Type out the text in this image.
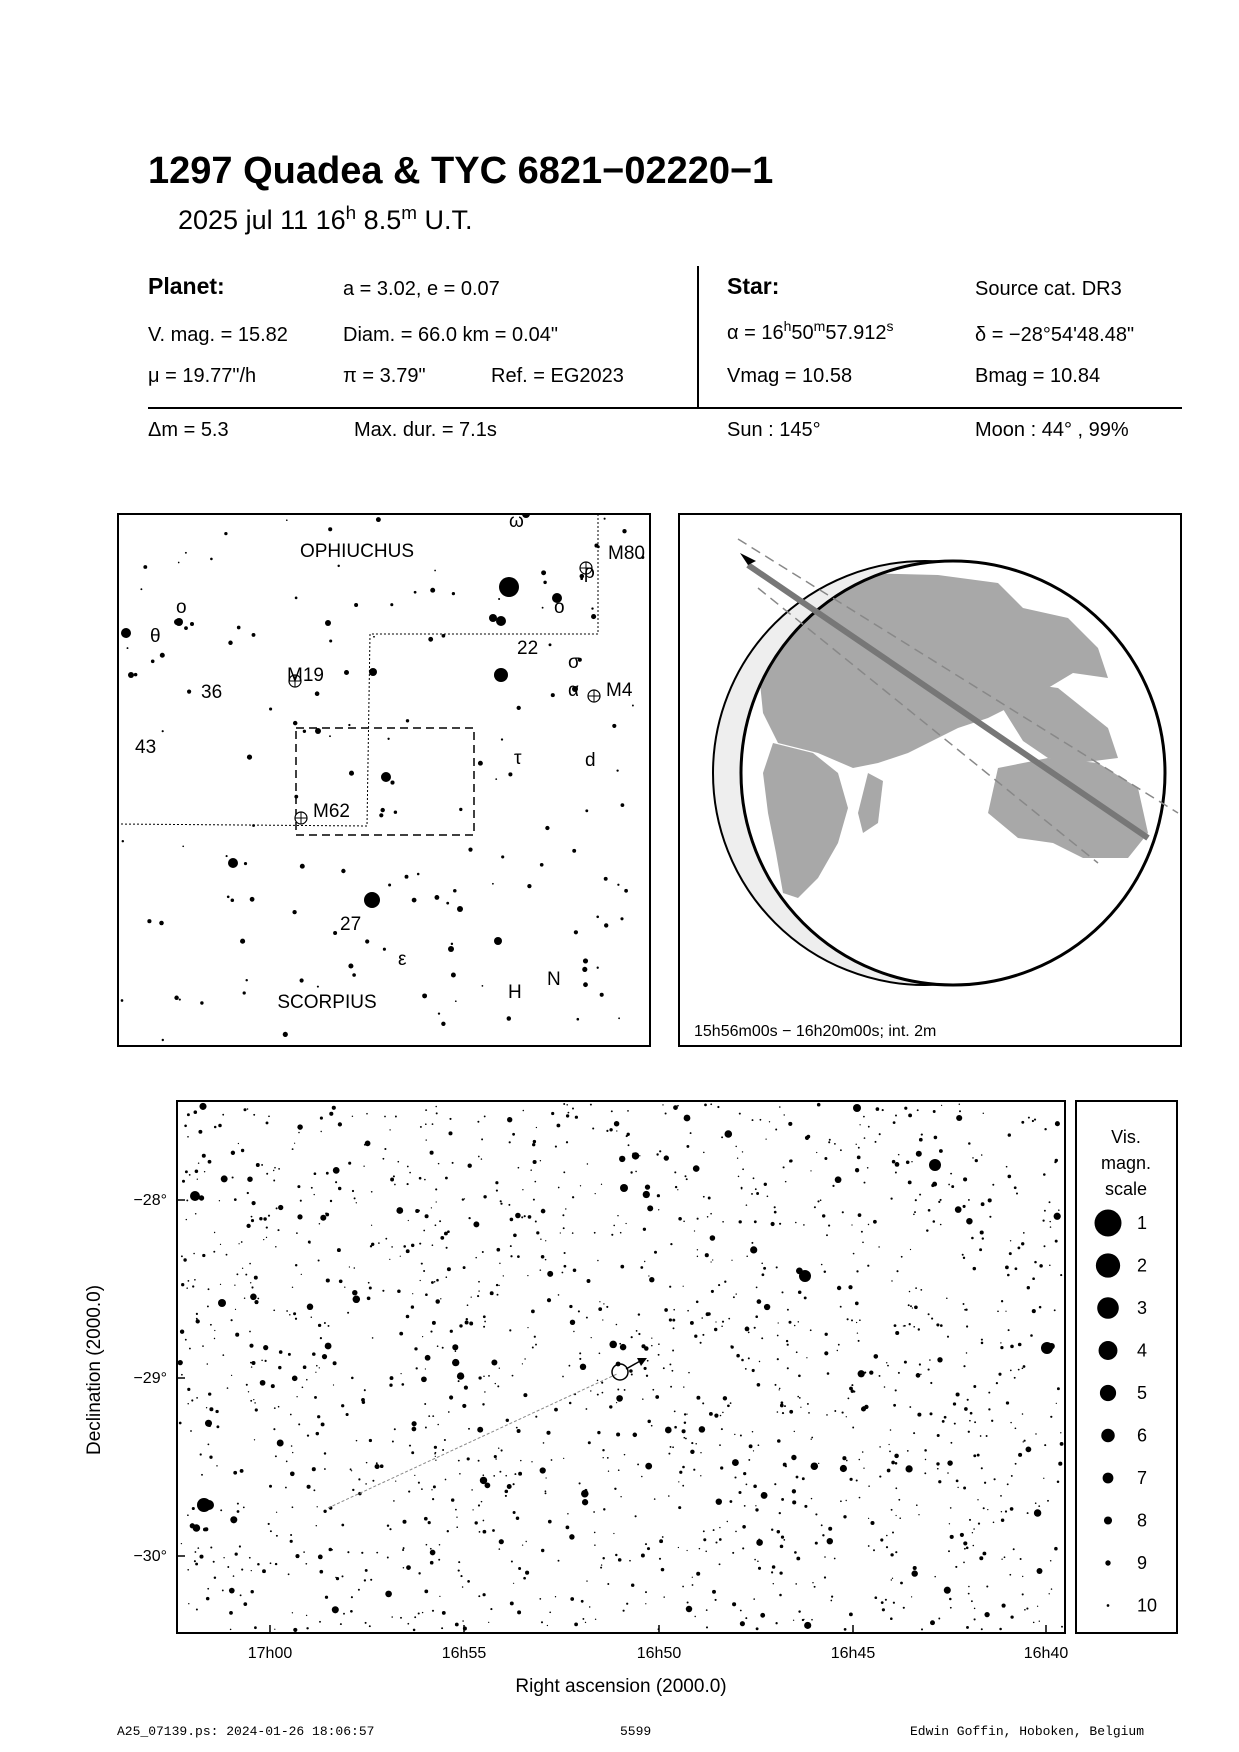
1297 Quadea & TYC 6821−02220−1
2025 jul 11 16$^h$ 8.5$^m$ U.T.
Planet:	a = 3.02, e = 0.07
V. mag. = 15.82	Diam. = 66.0 km = 0.04"
μ = 19.77"/h	π = 3.79"	Ref. = EG2023
Star:	Source cat. DR3
$\alpha = 16^h50^m57.912^s$	δ = −28°54'48.48"
Vmag = 10.58	Bmag = 10.84
Δm = 5.3	Max. dur. = 7.1s	Sun : 145°	Moon : 44° , 99%
OPHIUCHUS
SCORPIUS
ω
ρ
M80
o
o
θ
22
σ
M19
α M4
36
τ
43
d
M62
27
ε
N
H
15h56m00s − 16h20m00s; int. 2m
−28°
−29°
−30°
17h00	16h55	16h50	16h45	16h40
Right ascension (2000.0)
Declination (2000.0)
Vis.
magn.
scale
1
2
3
4
5
6
7
8
9
10
A25_07139.ps: 2024-01-26 18:06:57	5599	Edwin Goffin, Hoboken, Belgium
